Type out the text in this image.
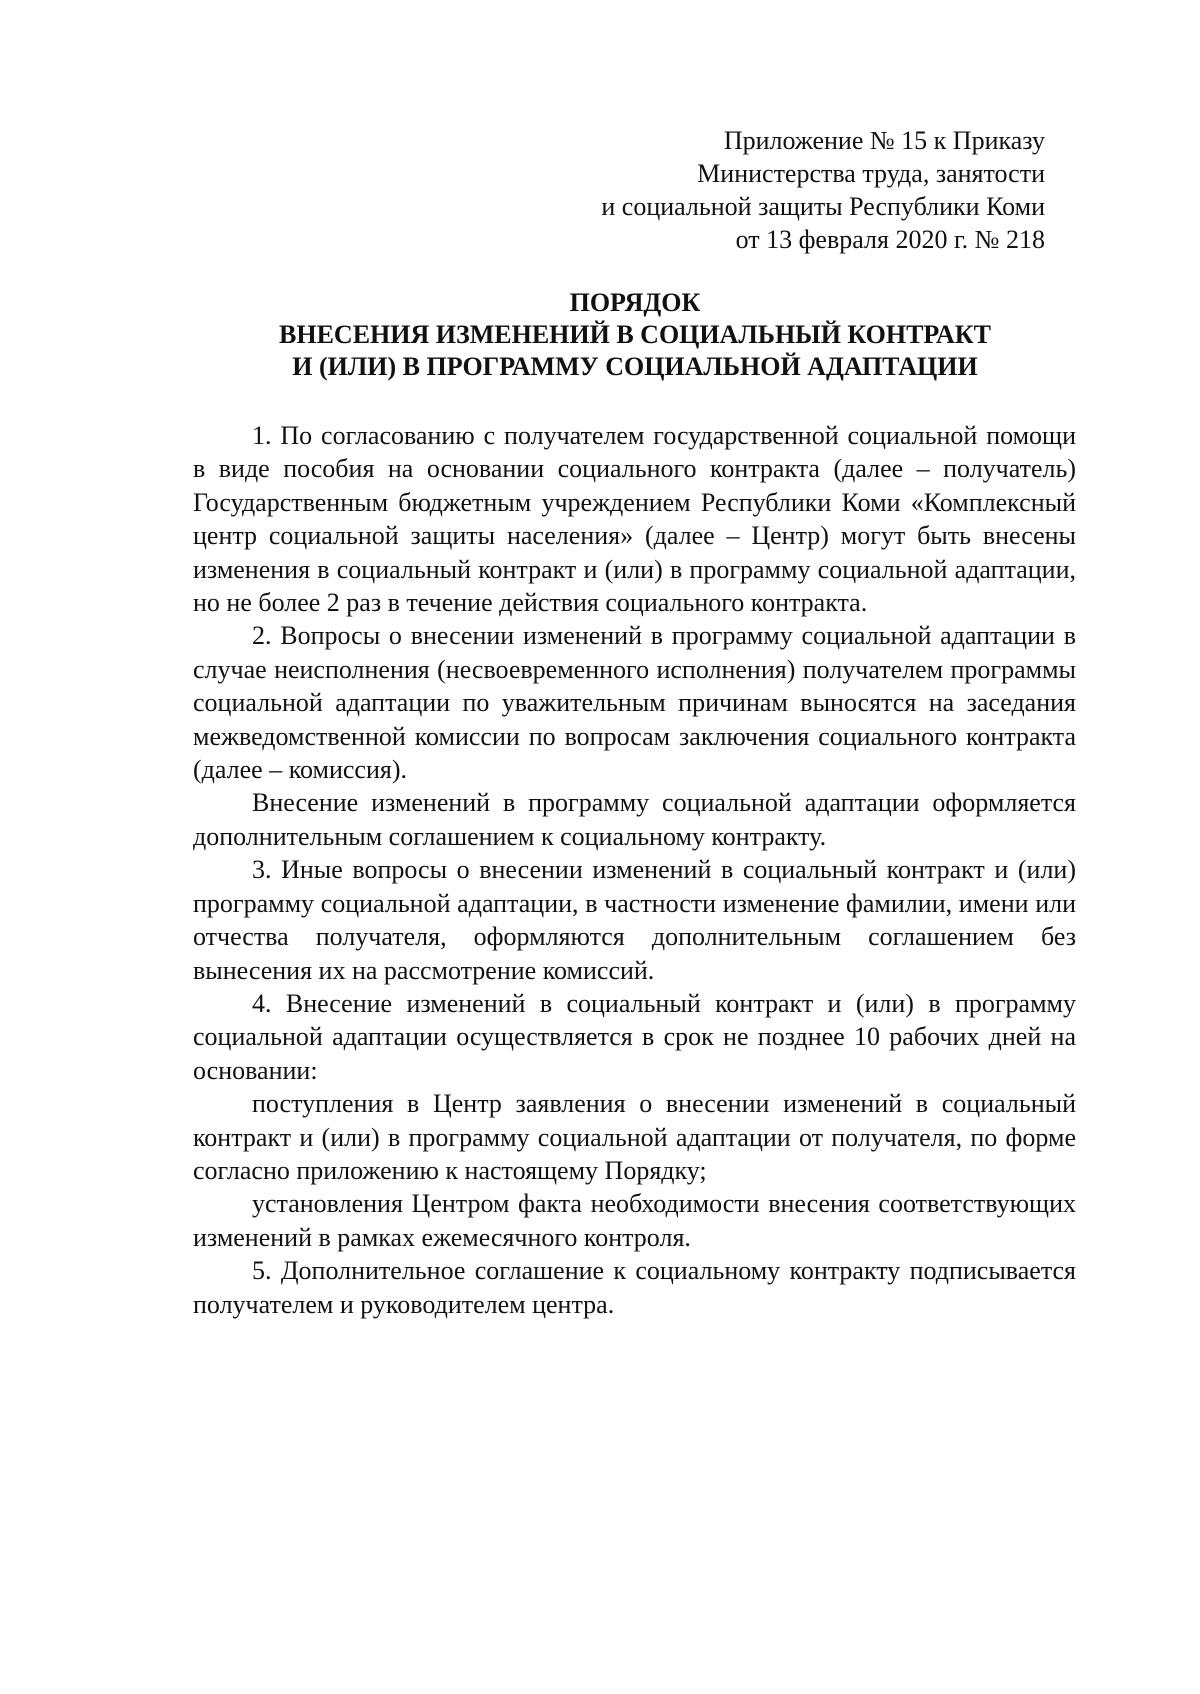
Приложение № 15 к Приказу
Министерства труда, занятости
и социальной защиты Республики Коми
от 13 февраля 2020 г. № 218
ПОРЯДОК
ВНЕСЕНИЯ ИЗМЕНЕНИЙ В СОЦИАЛЬНЫЙ КОНТРАКТ
И (ИЛИ) В ПРОГРАММУ СОЦИАЛЬНОЙ АДАПТАЦИИ

1. По согласованию с получателем государственной социальной помощи в виде пособия на основании социального контракта (далее – получатель) Государственным бюджетным учреждением Республики Коми «Комплексный центр социальной защиты населения» (далее – Центр) могут быть внесены изменения в социальный контракт и (или) в программу социальной адаптации, но не более 2 раз в течение действия социального контракта.

2. Вопросы о внесении изменений в программу социальной адаптации в случае неисполнения (несвоевременного исполнения) получателем программы социальной адаптации по уважительным причинам выносятся на заседания межведомственной комиссии по вопросам заключения социального контракта (далее – комиссия).

Внесение изменений в программу социальной адаптации оформляется дополнительным соглашением к социальному контракту.

3. Иные вопросы о внесении изменений в социальный контракт и (или) программу социальной адаптации, в частности изменение фамилии, имени или отчества получателя, оформляются дополнительным соглашением без вынесения их на рассмотрение комиссий.

4. Внесение изменений в социальный контракт и (или) в программу социальной адаптации осуществляется в срок не позднее 10 рабочих дней на основании:

поступления в Центр заявления о внесении изменений в социальный контракт и (или) в программу социальной адаптации от получателя, по форме согласно приложению к настоящему Порядку;

установления Центром факта необходимости внесения соответствующих изменений в рамках ежемесячного контроля.

5. Дополнительное соглашение к социальному контракту подписывается получателем и руководителем центра.
